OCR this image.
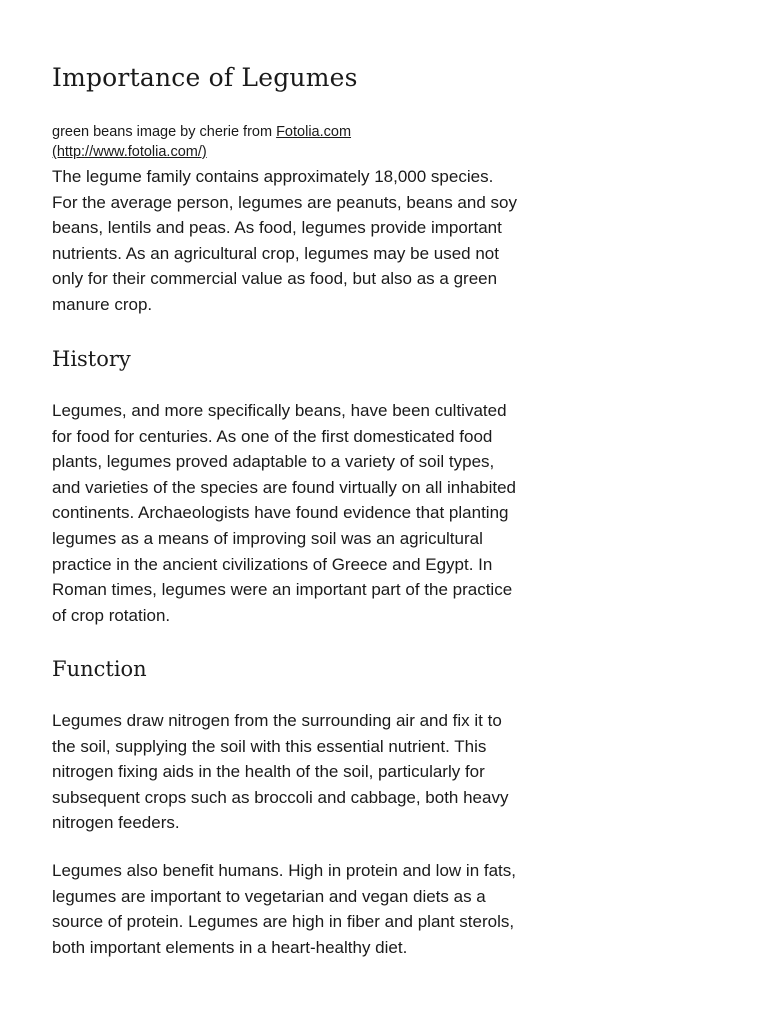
Importance of Legumes
green beans image by cherie from Fotolia.com
(http://www.fotolia.com/)

The legume family contains approximately 18,000 species.
For the average person, legumes are peanuts, beans and soy
beans, lentils and peas. As food, legumes provide important
nutrients. As an agricultural crop, legumes may be used not
only for their commercial value as food, but also as a green
manure crop.

History

Legumes, and more specifically beans, have been cultivated
for food for centuries. As one of the first domesticated food
plants, legumes proved adaptable to a variety of soil types,
and varieties of the species are found virtually on all inhabited
continents. Archaeologists have found evidence that planting
legumes as a means of improving soil was an agricultural
practice in the ancient civilizations of Greece and Egypt. In
Roman times, legumes were an important part of the practice
of crop rotation.

Function

Legumes draw nitrogen from the surrounding air and fix it to
the soil, supplying the soil with this essential nutrient. This
nitrogen fixing aids in the health of the soil, particularly for
subsequent crops such as broccoli and cabbage, both heavy
nitrogen feeders.

Legumes also benefit humans. High in protein and low in fats,
legumes are important to vegetarian and vegan diets as a
source of protein. Legumes are high in fiber and plant sterols,
both important elements in a heart-healthy diet.
